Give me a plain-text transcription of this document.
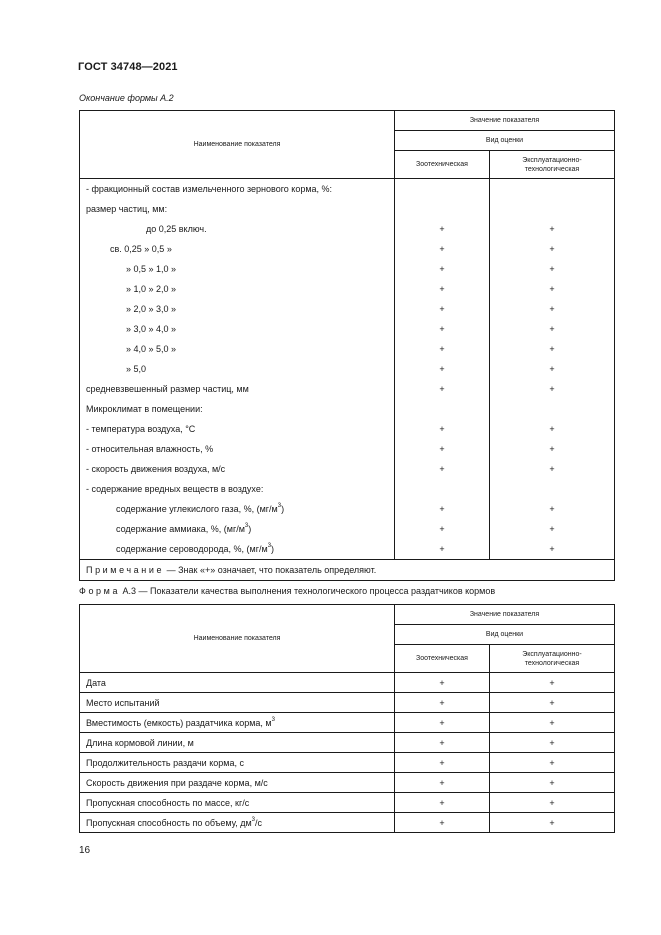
ГОСТ 34748—2021
Окончание формы А.2
Наименование показателя	Значение показателя	
	Вид оценки	
	Зоотехническая	Эксплуатационно-
технологическая
- фракционный состав измельченного зернового корма, %:		
размер частиц, мм:		
до 0,25 включ.	+	+
св. 0,25 » 0,5 »	+	+
» 0,5 » 1,0 »	+	+
» 1,0 » 2,0 »	+	+
» 2,0 » 3,0 »	+	+
» 3,0 » 4,0 »	+	+
» 4,0 » 5,0 »	+	+
» 5,0	+	+
средневзвешенный размер частиц, мм	+	+
Микроклимат в помещении:		
- температура воздуха, °С	+	+
- относительная влажность, %	+	+
- скорость движения воздуха, м/с	+	+
- содержание вредных веществ в воздухе:		
содержание углекислого газа, %, $(мг/м^3)$	+	+
содержание аммиака, %, $(мг/м^3)$	+	+
содержание сероводорода, %, $(мг/м^3)$	+	+
Примечание — Знак «+» означает, что показатель определяют.		
Форма А.3 — Показатели качества выполнения технологического процесса раздатчиков кормов
Наименование показателя	Значение показателя	
	Вид оценки	
	Зоотехническая	Эксплуатационно-
технологическая
Дата	+	+
Место испытаний	+	+
Вместимость (емкость) раздатчика корма, $м^3$	+	+
Длина кормовой линии, м	+	+
Продолжительность раздачи корма, с	+	+
Скорость движения при раздаче корма, м/с	+	+
Пропускная способность по массе, кг/с	+	+
Пропускная способность по объему, $дм^3/с$	+	+
16
